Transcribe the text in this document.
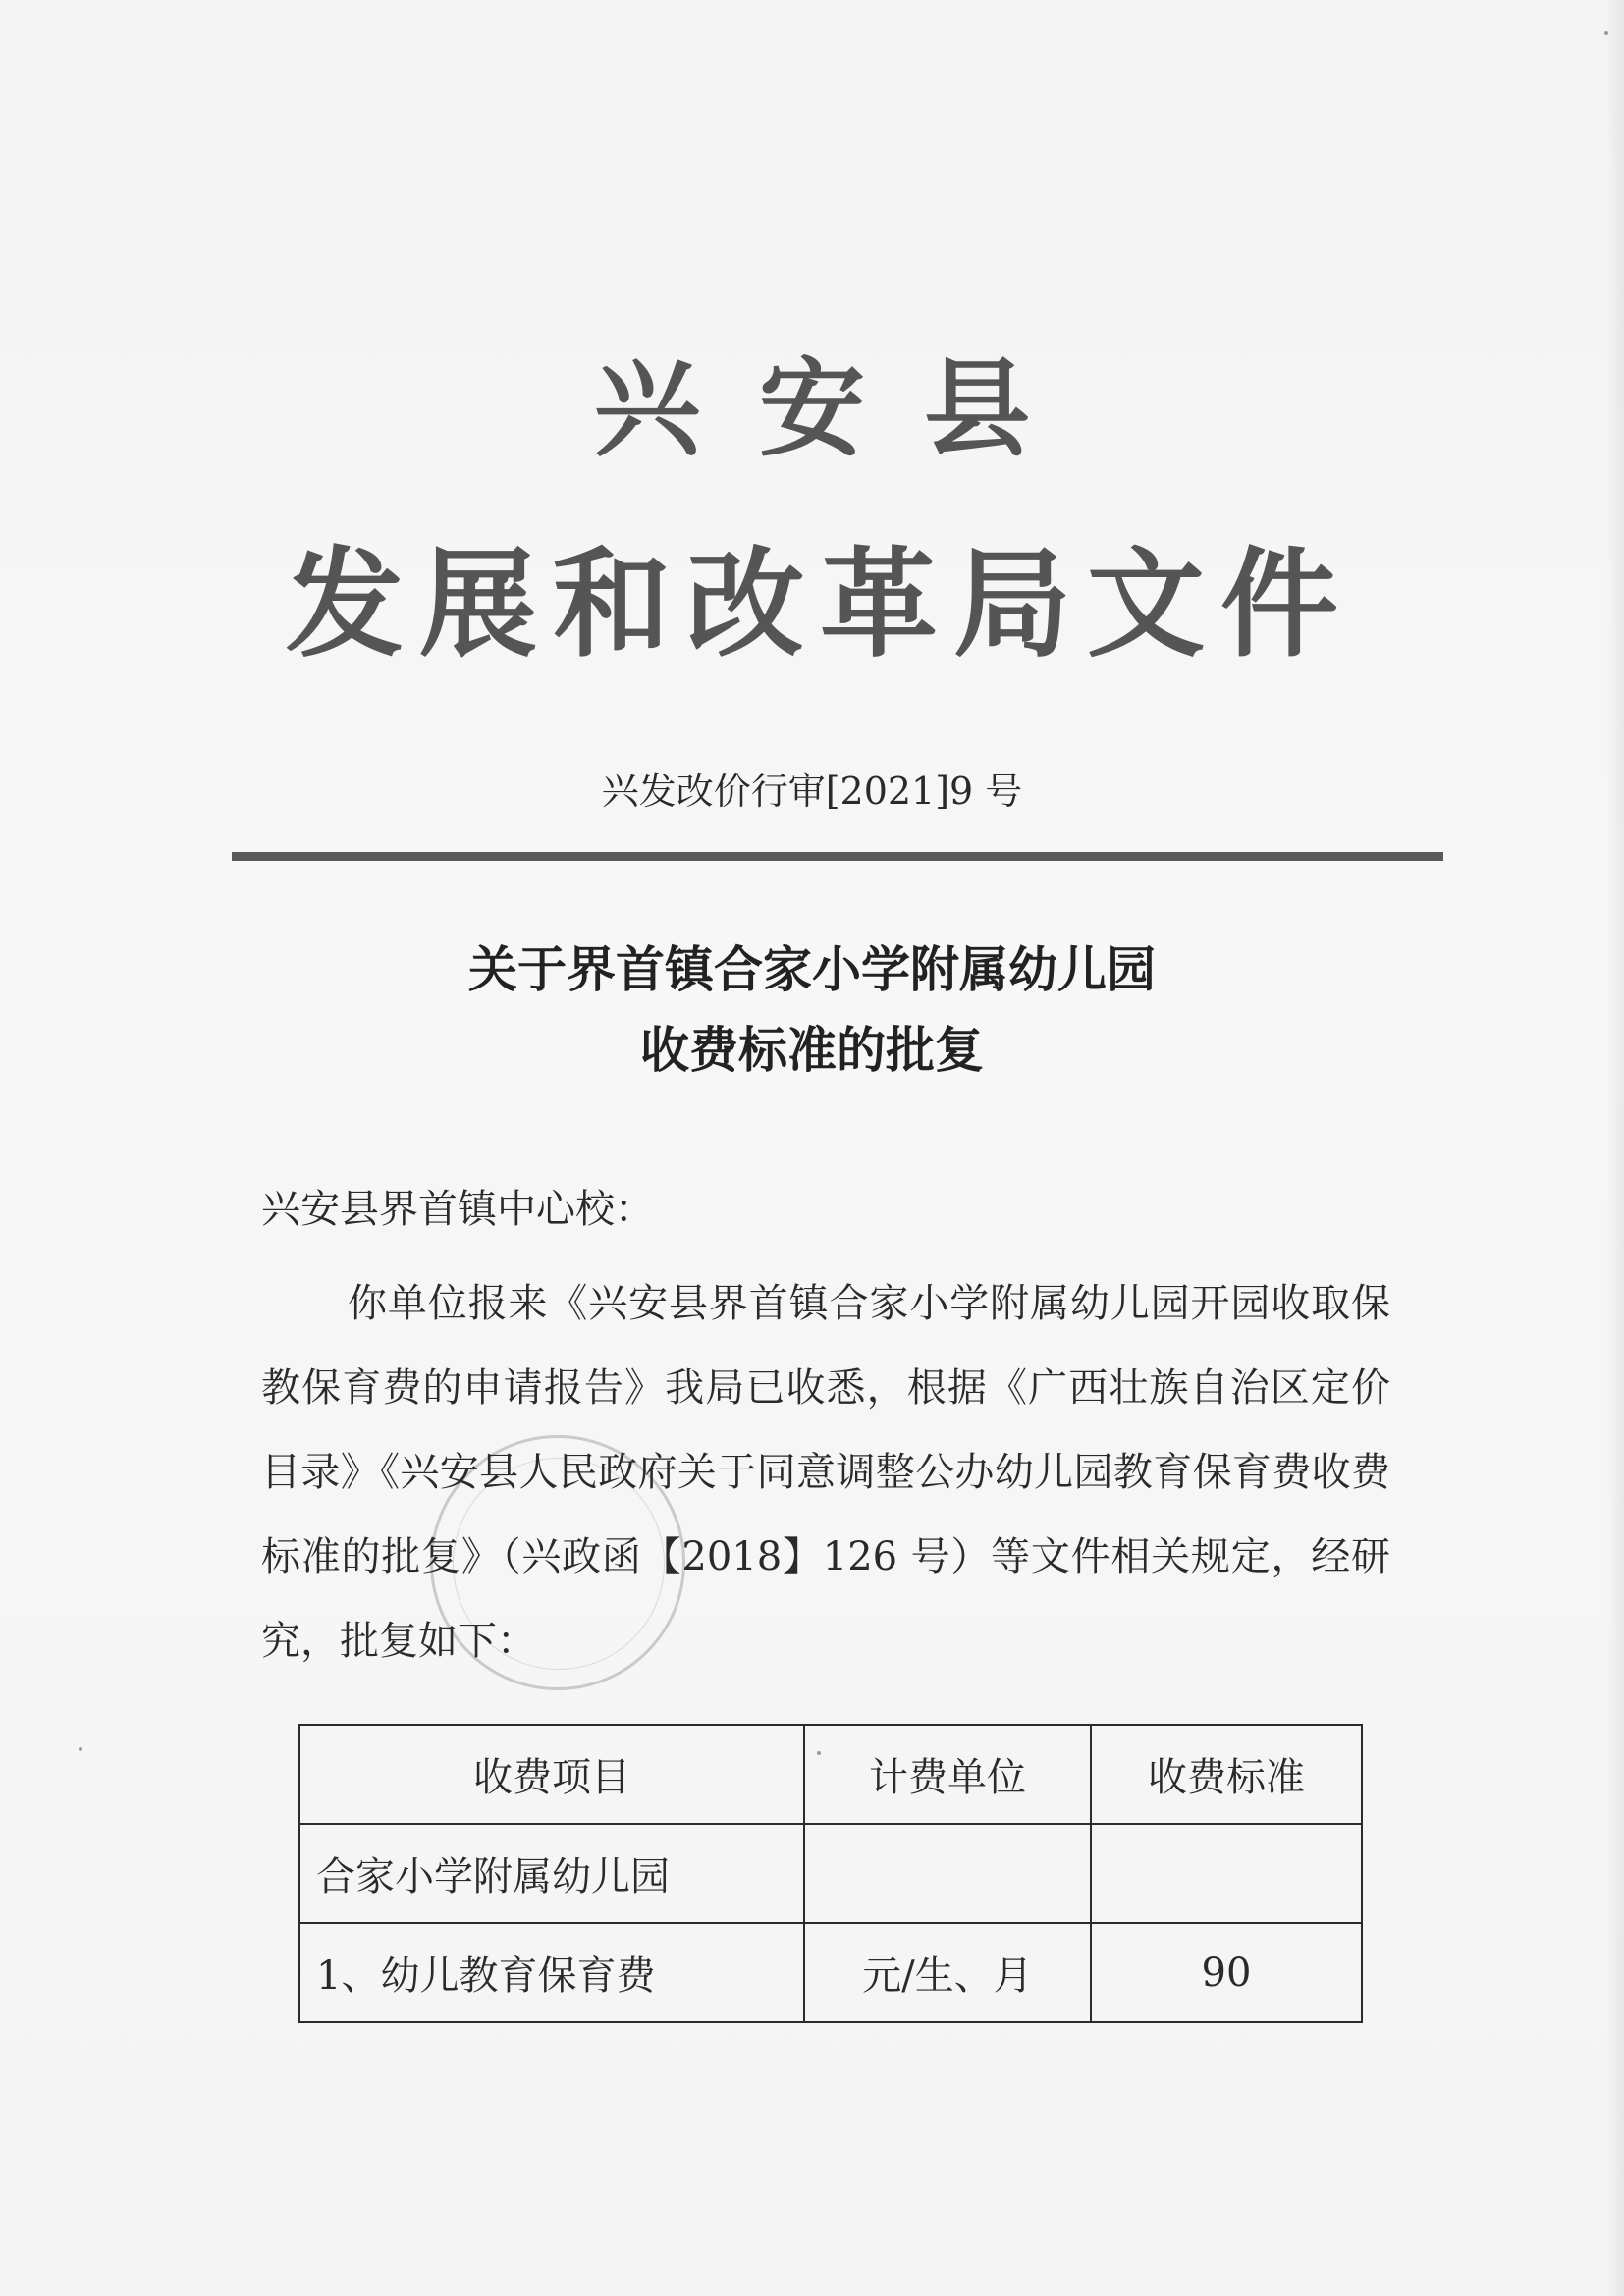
兴安县
发展和改革局文件
兴发改价行审[2021]9 号
关于界首镇合家小学附属幼儿园
收费标准的批复
兴安县界首镇中心校：
你单位报来《兴安县界首镇合家小学附属幼儿园开园收取保教保育费的申请报告》我局已收悉，根据《广西壮族自治区定价目录》《兴安县人民政府关于同意调整公办幼儿园教育保育费收费标准的批复》（兴政函【2018】126 号）等文件相关规定，经研究，批复如下：
收费项目	计费单位	收费标准
合家小学附属幼儿园		
1、幼儿教育保育费	元/生、月	90
